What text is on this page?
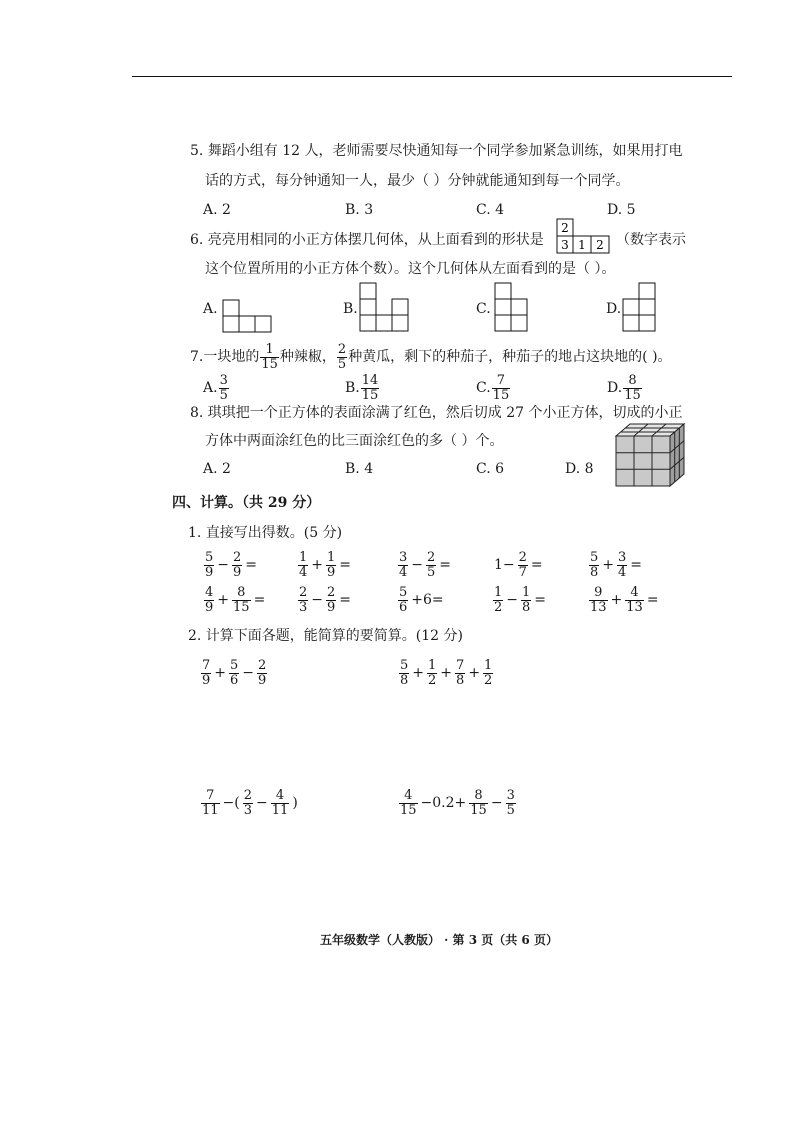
5. 舞蹈小组有 12 人，老师需要尽快通知每一个同学参加紧急训练，如果用打电
话的方式，每分钟通知一人，最少（ ）分钟就能通知到每一个同学。
A. 2	B. 3	C. 4	D. 5
6. 亮亮用相同的小正方体摆几何体，从上面看到的形状是
2
3 1 2 （数字表示
这个位置所用的小正方体个数）。这个几何体从左面看到的是（ ）。
A.	B.	C.	D.
7.一块地的 $\frac{1}{15}$ 种辣椒， $\frac{2}{5}$ 种黄瓜，剩下的种茄子，种茄子的地占这块地的( )。
A. $\frac{3}{5}$	B. $\frac{14}{15}$	C. $\frac{7}{15}$	D. $\frac{8}{15}$
8. 琪琪把一个正方体的表面涂满了红色，然后切成 27 个小正方体，切成的小正
方体中两面涂红色的比三面涂红色的多（ ）个。
A. 2	B. 4	C. 6	D. 8
四、计算。（共 29 分）
1. 直接写出得数。(5 分)
$\frac{5}{9} - \frac{2}{9}$ =	$\frac{1}{4} + \frac{1}{9}$ =	$\frac{3}{4} - \frac{2}{5}$ =	$1- \frac{2}{7}$ =	$\frac{5}{8} + \frac{3}{4}$ =
$\frac{4}{9} + \frac{8}{15}$ =	$\frac{2}{3} - \frac{2}{9}$ =	$\frac{5}{6} +6=$	$\frac{1}{2} - \frac{1}{8}$ =	$\frac{9}{13} + \frac{4}{13}$ =
2. 计算下面各题，能简算的要简算。(12 分)
$\frac{7}{9} + \frac{5}{6} - \frac{2}{9}$	$\frac{5}{8} + \frac{1}{2} + \frac{7}{8} + \frac{1}{2}$
$\frac{7}{11}$ −( $\frac{2}{3} - \frac{4}{11}$ )	$\frac{4}{15} -0.2+ \frac{8}{15} - \frac{3}{5}$
五年级数学（人教版） · 第 3 页（共 6 页）
